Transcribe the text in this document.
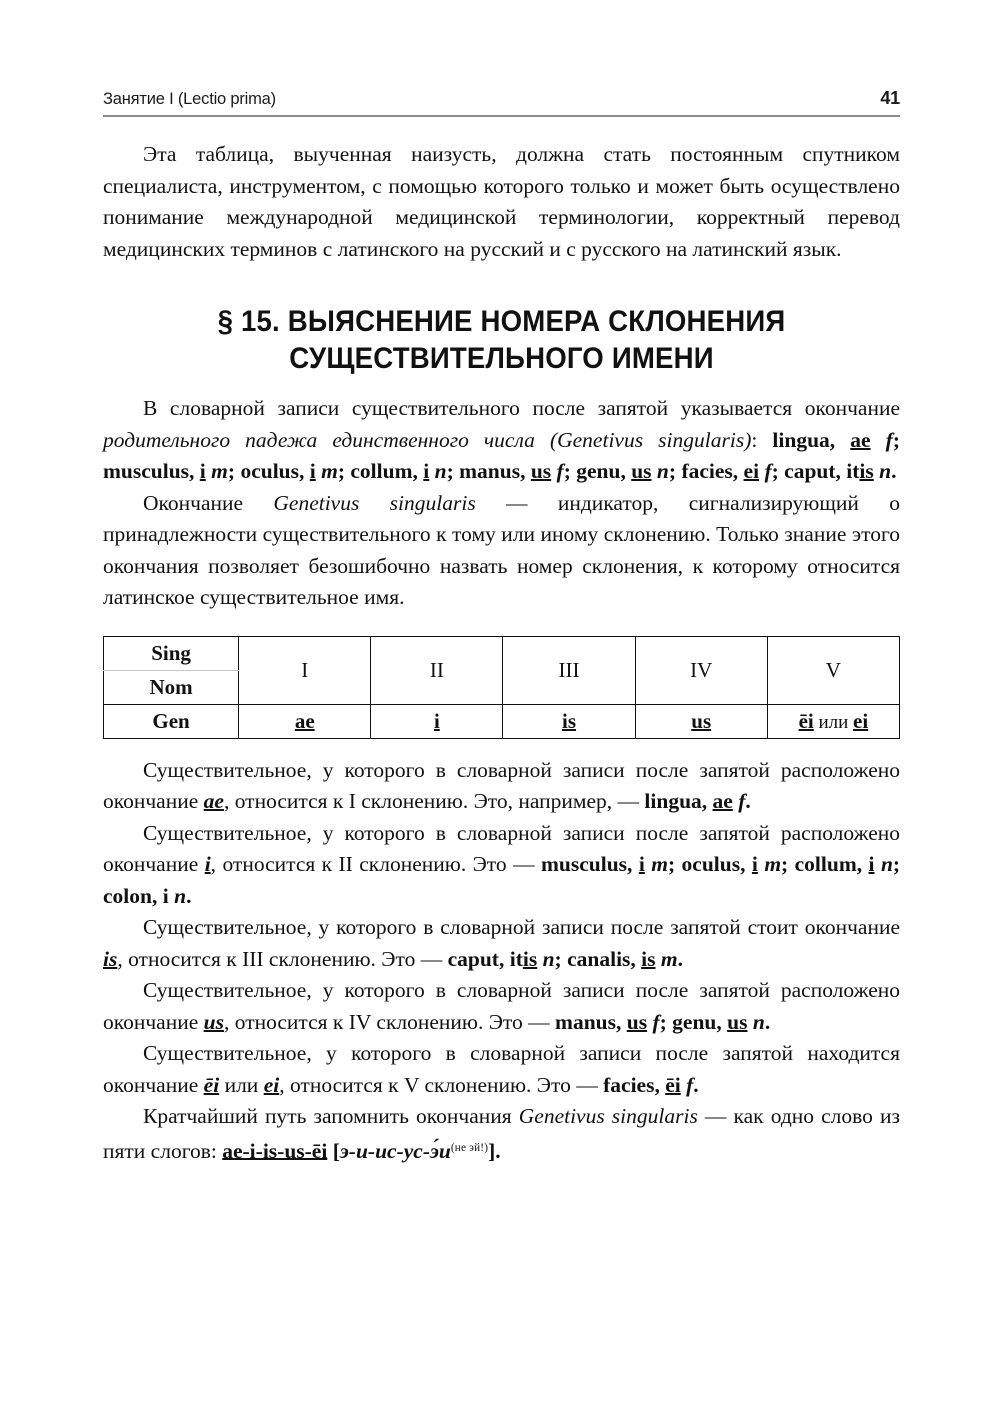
Занятие I (Lectio prima)	41

Эта таблица, выученная наизусть, должна стать постоянным спутником специалиста, инструментом, с помощью которого только и может быть осуществлено понимание международной медицинской терминологии, корректный перевод медицинских терминов с латинского на русский и с русского на латинский язык.

§ 15. ВЫЯСНЕНИЕ НОМЕРА СКЛОНЕНИЯ
СУЩЕСТВИТЕЛЬНОГО ИМЕНИ

В словарной записи существительного после запятой указывается окончание родительного падежа единственного числа (Genetivus singularis): lingua, ae f; musculus, i m; oculus, i m; collum, i n; manus, us f; genu, us n; facies, ei f; caput, itis n.

Окончание Genetivus singularis — индикатор, сигнализирующий о принадлежности существительного к тому или иному склонению. Только знание этого окончания позволяет безошибочно назвать номер склонения, к которому относится латинское существительное имя.

Sing	I	II	III	IV	V
Nom					
Gen	ae	i	is	us	ēi или ei

Существительное, у которого в словарной записи после запятой расположено окончание ae, относится к I склонению. Это, например, — lingua, ae f.

Существительное, у которого в словарной записи после запятой расположено окончание i, относится к II склонению. Это — musculus, i m; oculus, i m; collum, i n; colon, i n.

Существительное, у которого в словарной записи после запятой стоит окончание is, относится к III склонению. Это — caput, itis n; canalis, is m.

Существительное, у которого в словарной записи после запятой расположено окончание us, относится к IV склонению. Это — manus, us f; genu, us n.

Существительное, у которого в словарной записи после запятой находится окончание ēi или ei, относится к V склонению. Это — facies, ēi f.

Кратчайший путь запомнить окончания Genetivus singularis — как одно слово из пяти слогов: ae-i-is-us-ēi $[э-и-ис-ус-э́и^{(не эй!)}]$.
